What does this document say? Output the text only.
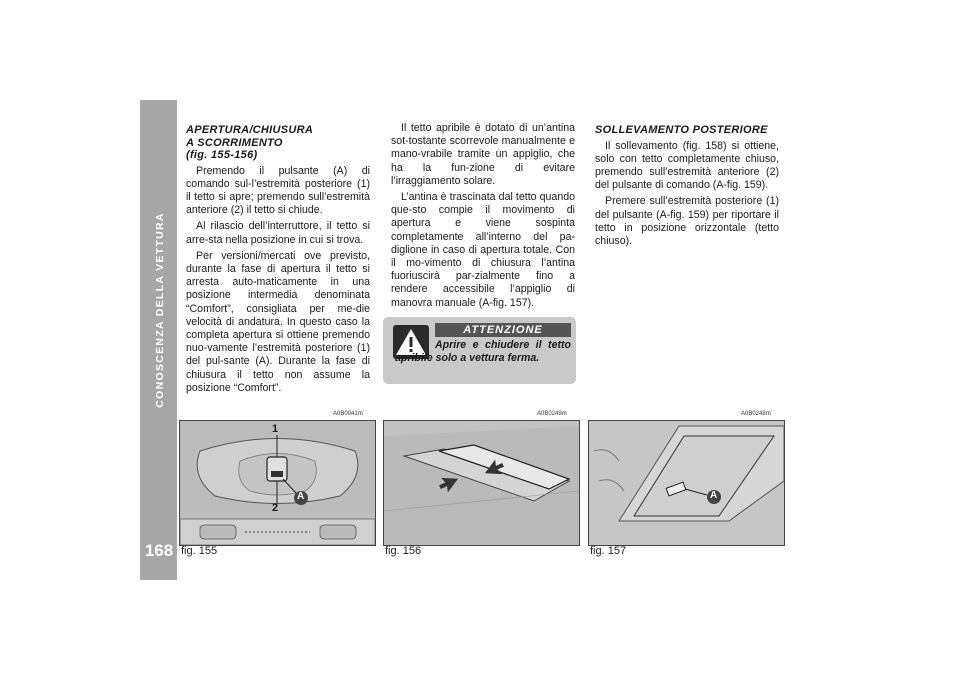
CONOSCENZA DELLA VETTURA
168
APERTURA/CHIUSURA
A SCORRIMENTO
(fig. 155-156)

Premendo il pulsante (A) di comando sul-l’estremità posteriore (1) il tetto si apre; premendo sull’estremità anteriore (2) il tetto si chiude.

Al rilascio dell’interruttore, il tetto si arre-sta nella posizione in cui si trova.

Per versioni/mercati ove previsto, durante la fase di apertura il tetto si arresta auto-maticamente in una posizione intermedia denominata “Comfort”, consigliata per me-die velocità di andatura. In questo caso la completa apertura si ottiene premendo nuo-vamente l’estremità posteriore (1) del pul-sante (A). Durante la fase di chiusura il tetto non assume la posizione “Comfort”.

Il tetto apribile è dotato di un’antina sot-tostante scorrevole manualmente e mano-vrabile tramite un appiglio, che ha la fun-zione di evitare l’irraggiamento solare.

L’antina è trascinata dal tetto quando que-sto compie il movimento di apertura e viene sospinta completamente all’interno del pa-diglione in caso di apertura totale. Con il mo-vimento di chiusura l’antina fuoriuscirà par-zialmente fino a rendere accessibile l’appiglio di manovra manuale (A-fig. 157).

ATTENZIONE
Aprire e chiudere il tetto apribile solo a vettura ferma.
SOLLEVAMENTO POSTERIORE

Il sollevamento (fig. 158) si ottiene, solo con tetto completamente chiuso, premendo sull’estremità anteriore (2) del pulsante di comando (A-fig. 159).

Premere sull’estremità posteriore (1) del pulsante (A-fig. 159) per riportare il tetto in posizione orizzontale (tetto chiuso).

A0B0041m
1
2
A
fig. 155
A0B0249m
fig. 156
A0B0248m
A
fig. 157
